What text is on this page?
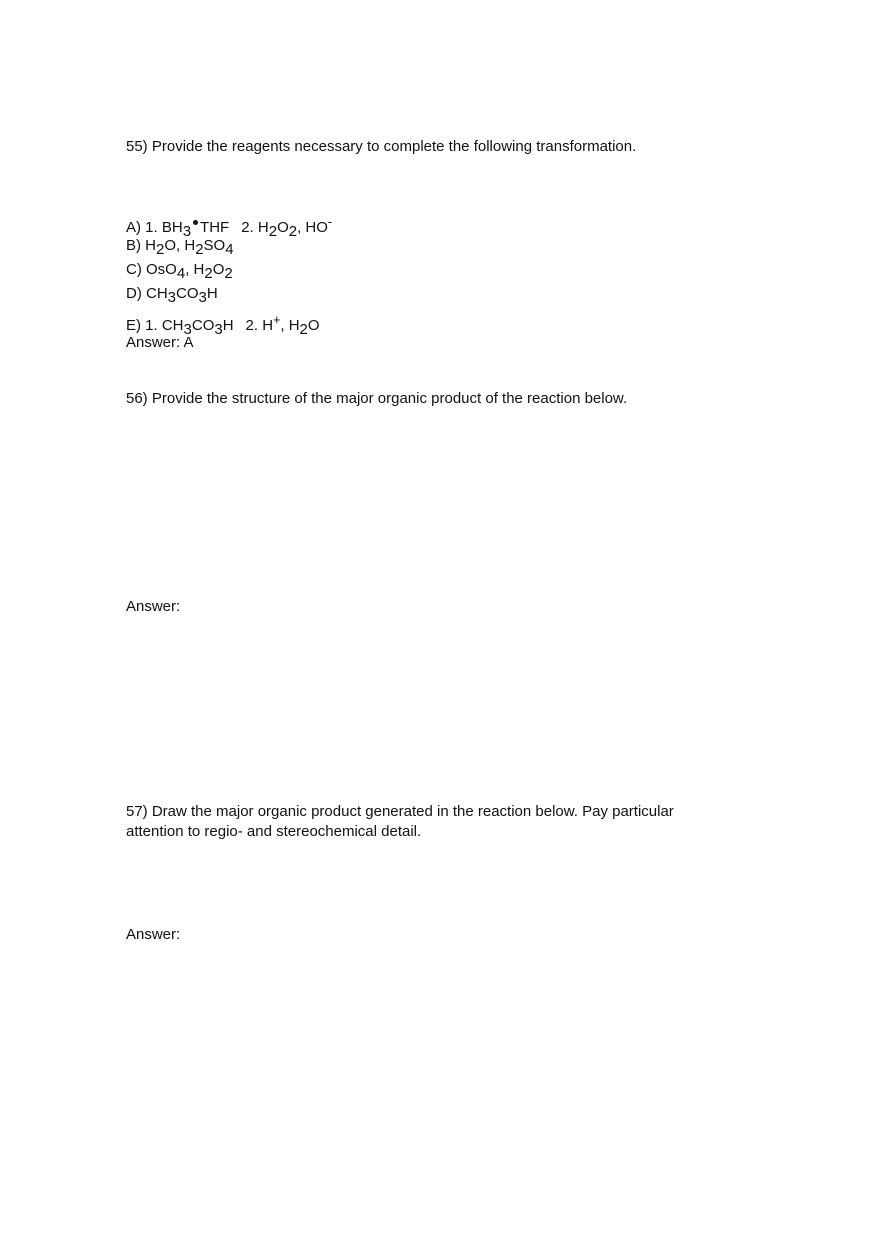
55) Provide the reagents necessary to complete the following transformation.
A) 1. $BH_3$ THF 2. $H_2O_2$, HO-
B) $H_2O$, $H_2SO_4$
C) OsO$_4$, $H_2O_2$
D) $CH_3CO_3H$
E) 1. $CH_3CO_3H$ 2. H+, $H_2O$
Answer: A
56) Provide the structure of the major organic product of the reaction below.
Answer:
57) Draw the major organic product generated in the reaction below. Pay particular
attention to regio- and stereochemical detail.
Answer:
